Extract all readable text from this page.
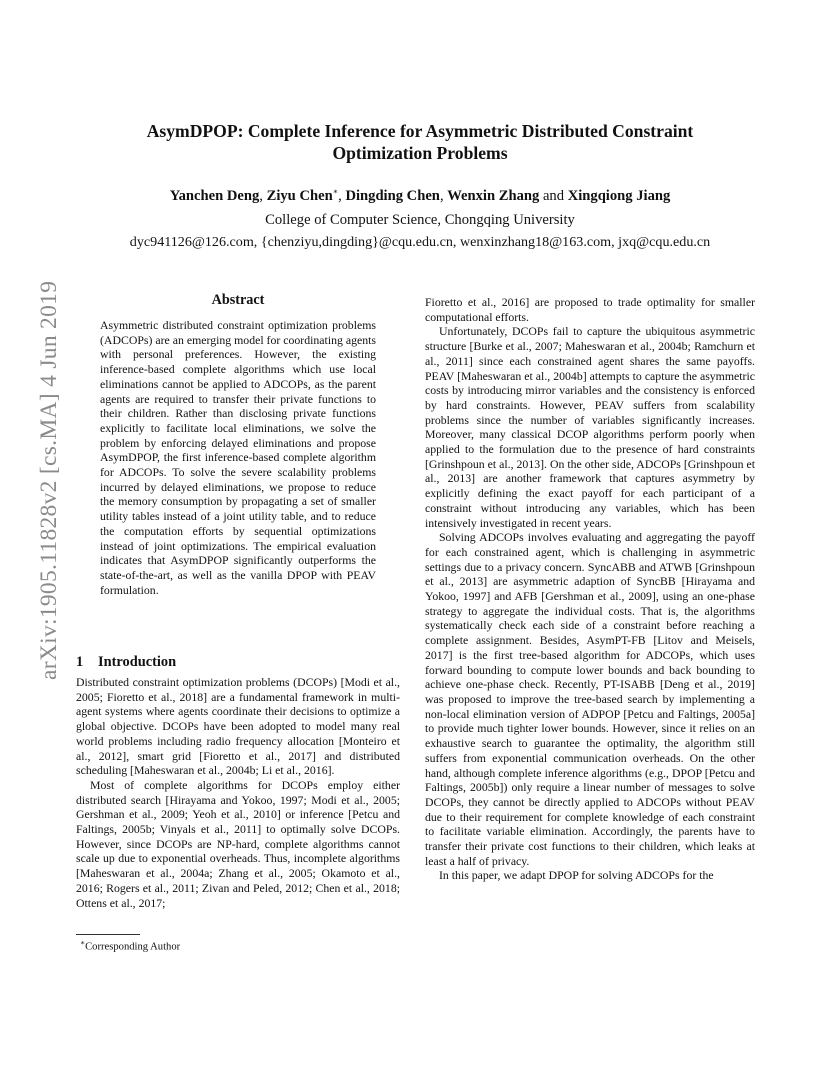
arXiv:1905.11828v2 [cs.MA] 4 Jun 2019
AsymDPOP: Complete Inference for Asymmetric Distributed Constraint
Optimization Problems
Yanchen Deng, Ziyu Chen∗, Dingding Chen, Wenxin Zhang and Xingqiong Jiang
College of Computer Science, Chongqing University
dyc941126@126.com, {chenziyu,dingding}@cqu.edu.cn, wenxinzhang18@163.com, jxq@cqu.edu.cn
Abstract

Asymmetric distributed constraint optimization problems (ADCOPs) are an emerging model for coordinating agents with personal preferences. However, the existing inference-based complete algorithms which use local eliminations cannot be applied to ADCOPs, as the parent agents are required to transfer their private functions to their children. Rather than disclosing private functions explicitly to facilitate local eliminations, we solve the problem by enforcing delayed eliminations and propose AsymDPOP, the first inference-based complete algorithm for ADCOPs. To solve the severe scalability problems incurred by delayed eliminations, we propose to reduce the memory consumption by propagating a set of smaller utility tables instead of a joint utility table, and to reduce the computation efforts by sequential optimizations instead of joint optimizations. The empirical evaluation indicates that AsymDPOP significantly outperforms the state-of-the-art, as well as the vanilla DPOP with PEAV formulation.

1 Introduction

Distributed constraint optimization problems (DCOPs) [Modi et al., 2005; Fioretto et al., 2018] are a fundamental framework in multi-agent systems where agents coordinate their decisions to optimize a global objective. DCOPs have been adopted to model many real world problems including radio frequency allocation [Monteiro et al., 2012], smart grid [Fioretto et al., 2017] and distributed scheduling [Maheswaran et al., 2004b; Li et al., 2016].

Most of complete algorithms for DCOPs employ either distributed search [Hirayama and Yokoo, 1997; Modi et al., 2005; Gershman et al., 2009; Yeoh et al., 2010] or inference [Petcu and Faltings, 2005b; Vinyals et al., 2011] to optimally solve DCOPs. However, since DCOPs are NP-hard, complete algorithms cannot scale up due to exponential overheads. Thus, incomplete algorithms [Maheswaran et al., 2004a; Zhang et al., 2005; Okamoto et al., 2016; Rogers et al., 2011; Zivan and Peled, 2012; Chen et al., 2018; Ottens et al., 2017;

∗Corresponding Author

Fioretto et al., 2016] are proposed to trade optimality for smaller computational efforts.

Unfortunately, DCOPs fail to capture the ubiquitous asymmetric structure [Burke et al., 2007; Maheswaran et al., 2004b; Ramchurn et al., 2011] since each constrained agent shares the same payoffs. PEAV [Maheswaran et al., 2004b] attempts to capture the asymmetric costs by introducing mirror variables and the consistency is enforced by hard constraints. However, PEAV suffers from scalability problems since the number of variables significantly increases. Moreover, many classical DCOP algorithms perform poorly when applied to the formulation due to the presence of hard constraints [Grinshpoun et al., 2013]. On the other side, ADCOPs [Grinshpoun et al., 2013] are another framework that captures asymmetry by explicitly defining the exact payoff for each participant of a constraint without introducing any variables, which has been intensively investigated in recent years.

Solving ADCOPs involves evaluating and aggregating the payoff for each constrained agent, which is challenging in asymmetric settings due to a privacy concern. SyncABB and ATWB [Grinshpoun et al., 2013] are asymmetric adaption of SyncBB [Hirayama and Yokoo, 1997] and AFB [Gershman et al., 2009], using an one-phase strategy to aggregate the individual costs. That is, the algorithms systematically check each side of a constraint before reaching a complete assignment. Besides, AsymPT-FB [Litov and Meisels, 2017] is the first tree-based algorithm for ADCOPs, which uses forward bounding to compute lower bounds and back bounding to achieve one-phase check. Recently, PT-ISABB [Deng et al., 2019] was proposed to improve the tree-based search by implementing a non-local elimination version of ADPOP [Petcu and Faltings, 2005a] to provide much tighter lower bounds. However, since it relies on an exhaustive search to guarantee the optimality, the algorithm still suffers from exponential communication overheads. On the other hand, although complete inference algorithms (e.g., DPOP [Petcu and Faltings, 2005b]) only require a linear number of messages to solve DCOPs, they cannot be directly applied to ADCOPs without PEAV due to their requirement for complete knowledge of each constraint to facilitate variable elimination. Accordingly, the parents have to transfer their private cost functions to their children, which leaks at least a half of privacy.

In this paper, we adapt DPOP for solving ADCOPs for the
